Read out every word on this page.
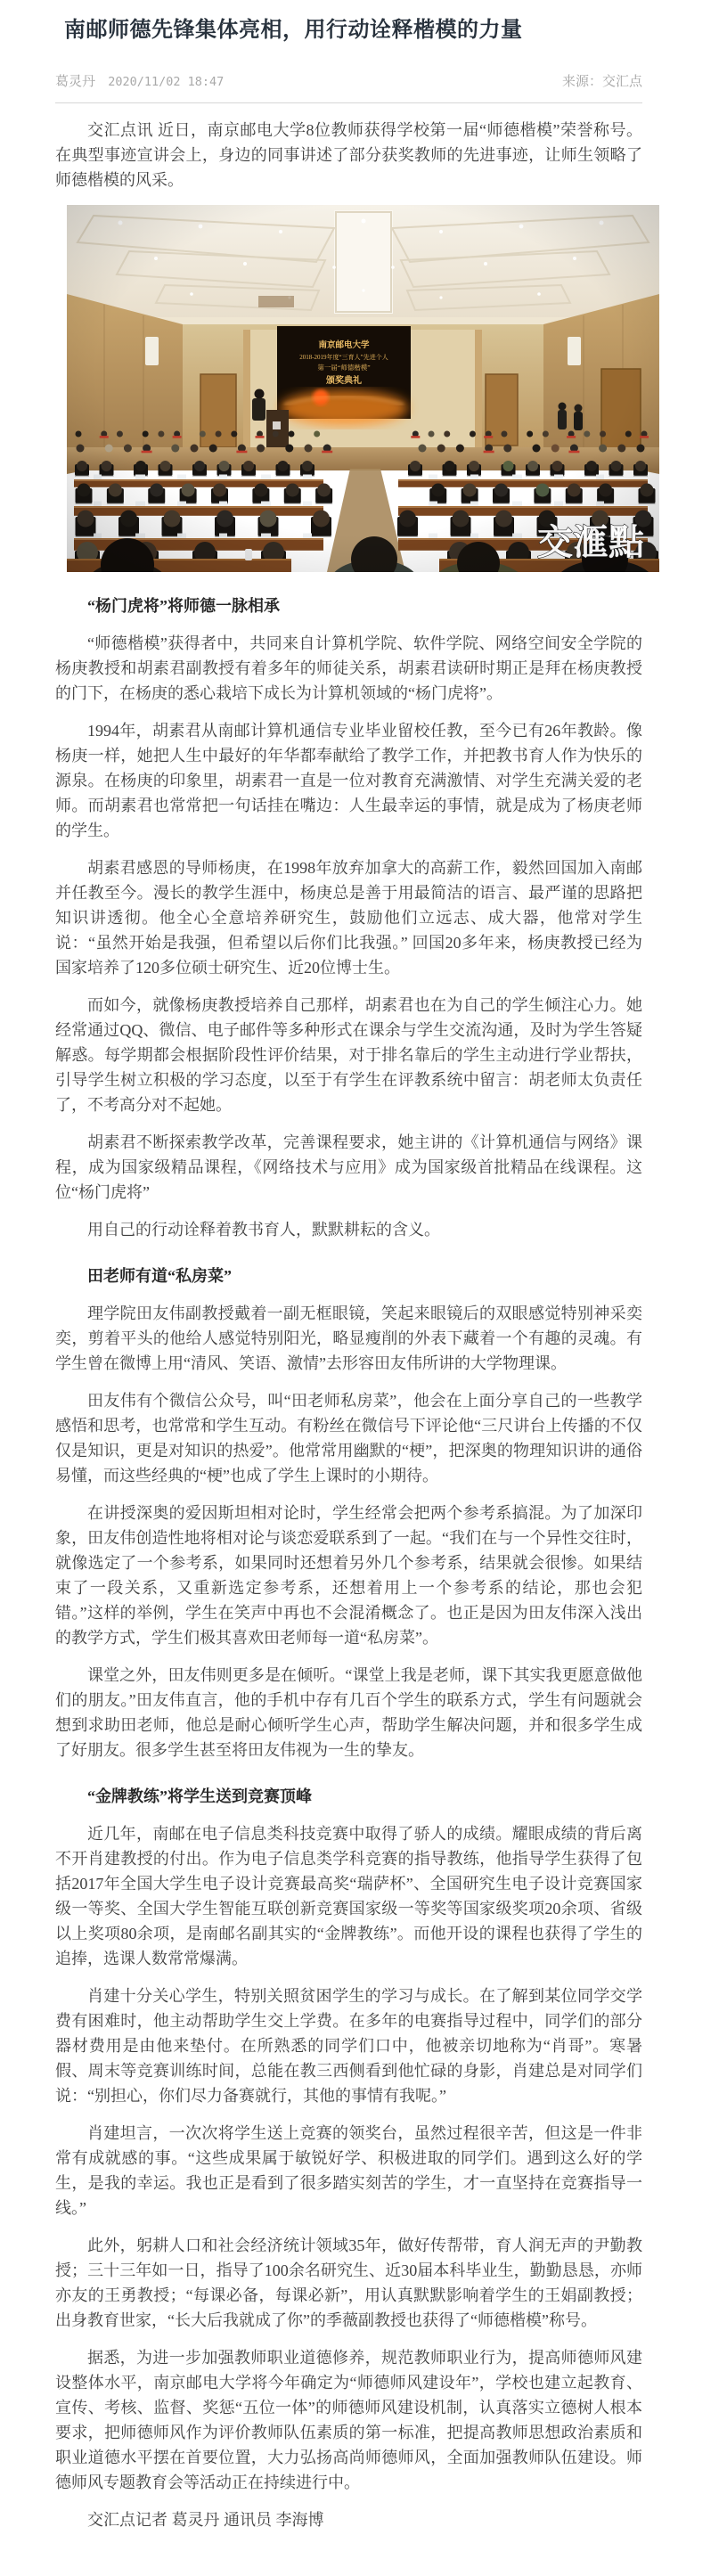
南邮师德先锋集体亮相，用行动诠释楷模的力量
葛灵丹 2020/11/02 18:47	来源：交汇点

交汇点讯 近日，南京邮电大学8位教师获得学校第一届“师德楷模”荣誉称号。在典型事迹宣讲会上，身边的同事讲述了部分获奖教师的先进事迹，让师生领略了师德楷模的风采。

交滙點
“杨门虎将”将师德一脉相承

“师德楷模”获得者中，共同来自计算机学院、软件学院、网络空间安全学院的杨庚教授和胡素君副教授有着多年的师徒关系，胡素君读研时期正是拜在杨庚教授的门下，在杨庚的悉心栽培下成长为计算机领域的“杨门虎将”。

1994年，胡素君从南邮计算机通信专业毕业留校任教，至今已有26年教龄。像杨庚一样，她把人生中最好的年华都奉献给了教学工作，并把教书育人作为快乐的源泉。在杨庚的印象里，胡素君一直是一位对教育充满激情、对学生充满关爱的老师。而胡素君也常常把一句话挂在嘴边：人生最幸运的事情，就是成为了杨庚老师的学生。

胡素君感恩的导师杨庚，在1998年放弃加拿大的高薪工作，毅然回国加入南邮并任教至今。漫长的教学生涯中，杨庚总是善于用最简洁的语言、最严谨的思路把知识讲透彻。他全心全意培养研究生，鼓励他们立远志、成大器，他常对学生说：“虽然开始是我强，但希望以后你们比我强。” 回国20多年来，杨庚教授已经为国家培养了120多位硕士研究生、近20位博士生。

而如今，就像杨庚教授培养自己那样，胡素君也在为自己的学生倾注心力。她经常通过QQ、微信、电子邮件等多种形式在课余与学生交流沟通，及时为学生答疑解惑。每学期都会根据阶段性评价结果，对于排名靠后的学生主动进行学业帮扶，引导学生树立积极的学习态度，以至于有学生在评教系统中留言：胡老师太负责任了，不考高分对不起她。

胡素君不断探索教学改革，完善课程要求，她主讲的《计算机通信与网络》课程，成为国家级精品课程，《网络技术与应用》成为国家级首批精品在线课程。这位“杨门虎将”

用自己的行动诠释着教书育人，默默耕耘的含义。

田老师有道“私房菜”

理学院田友伟副教授戴着一副无框眼镜，笑起来眼镜后的双眼感觉特别神采奕奕，剪着平头的他给人感觉特别阳光，略显瘦削的外表下藏着一个有趣的灵魂。有学生曾在微博上用“清风、笑语、激情”去形容田友伟所讲的大学物理课。

田友伟有个微信公众号，叫“田老师私房菜”，他会在上面分享自己的一些教学感悟和思考，也常常和学生互动。有粉丝在微信号下评论他“三尺讲台上传播的不仅仅是知识，更是对知识的热爱”。他常常用幽默的“梗”，把深奥的物理知识讲的通俗易懂，而这些经典的“梗”也成了学生上课时的小期待。

在讲授深奥的爱因斯坦相对论时，学生经常会把两个参考系搞混。为了加深印象，田友伟创造性地将相对论与谈恋爱联系到了一起。“我们在与一个异性交往时，就像选定了一个参考系，如果同时还想着另外几个参考系，结果就会很惨。如果结束了一段关系，又重新选定参考系，还想着用上一个参考系的结论，那也会犯错。”这样的举例，学生在笑声中再也不会混淆概念了。也正是因为田友伟深入浅出的教学方式，学生们极其喜欢田老师每一道“私房菜”。

课堂之外，田友伟则更多是在倾听。“课堂上我是老师，课下其实我更愿意做他们的朋友。”田友伟直言，他的手机中存有几百个学生的联系方式，学生有问题就会想到求助田老师，他总是耐心倾听学生心声，帮助学生解决问题，并和很多学生成了好朋友。很多学生甚至将田友伟视为一生的挚友。

“金牌教练”将学生送到竞赛顶峰

近几年，南邮在电子信息类科技竞赛中取得了骄人的成绩。耀眼成绩的背后离不开肖建教授的付出。作为电子信息类学科竞赛的指导教练，他指导学生获得了包括2017年全国大学生电子设计竞赛最高奖“瑞萨杯”、全国研究生电子设计竞赛国家级一等奖、全国大学生智能互联创新竞赛国家级一等奖等国家级奖项20余项、省级以上奖项80余项，是南邮名副其实的“金牌教练”。而他开设的课程也获得了学生的追捧，选课人数常常爆满。

肖建十分关心学生，特别关照贫困学生的学习与成长。在了解到某位同学交学费有困难时，他主动帮助学生交上学费。在多年的电赛指导过程中，同学们的部分器材费用是由他来垫付。在所熟悉的同学们口中，他被亲切地称为“肖哥”。寒暑假、周末等竞赛训练时间，总能在教三西侧看到他忙碌的身影，肖建总是对同学们说：“别担心，你们尽力备赛就行，其他的事情有我呢。”

肖建坦言，一次次将学生送上竞赛的领奖台，虽然过程很辛苦，但这是一件非常有成就感的事。“这些成果属于敏锐好学、积极进取的同学们。遇到这么好的学生，是我的幸运。我也正是看到了很多踏实刻苦的学生，才一直坚持在竞赛指导一线。”

此外，躬耕人口和社会经济统计领域35年，做好传帮带，育人润无声的尹勤教授；三十三年如一日，指导了100余名研究生、近30届本科毕业生，勤勤恳恳，亦师亦友的王勇教授；“每课必备，每课必新”，用认真默默影响着学生的王娟副教授；出身教育世家，“长大后我就成了你”的季薇副教授也获得了“师德楷模”称号。

据悉，为进一步加强教师职业道德修养，规范教师职业行为，提高师德师风建设整体水平，南京邮电大学将今年确定为“师德师风建设年”，学校也建立起教育、宣传、考核、监督、奖惩“五位一体”的师德师风建设机制，认真落实立德树人根本要求，把师德师风作为评价教师队伍素质的第一标准，把提高教师思想政治素质和职业道德水平摆在首要位置，大力弘扬高尚师德师风，全面加强教师队伍建设。师德师风专题教育会等活动正在持续进行中。

交汇点记者 葛灵丹 通讯员 李海博
